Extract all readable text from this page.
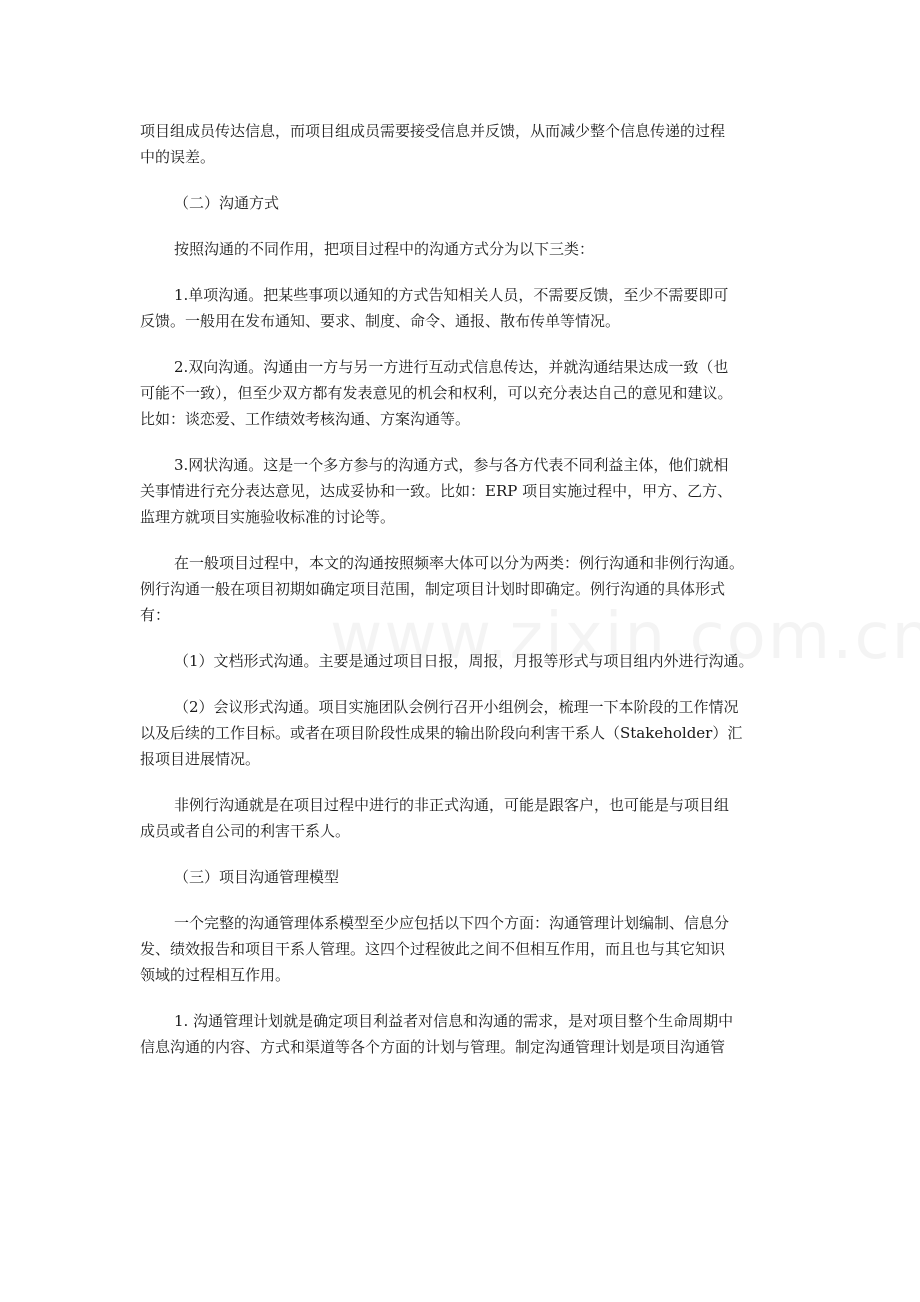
项目组成员传达信息，而项目组成员需要接受信息并反馈，从而减少整个信息传递的过程
中的误差。
（二）沟通方式
按照沟通的不同作用，把项目过程中的沟通方式分为以下三类：
1.单项沟通。把某些事项以通知的方式告知相关人员，不需要反馈，至少不需要即可
反馈。一般用在发布通知、要求、制度、命令、通报、散布传单等情况。
2.双向沟通。沟通由一方与另一方进行互动式信息传达，并就沟通结果达成一致（也
可能不一致），但至少双方都有发表意见的机会和权利，可以充分表达自己的意见和建议。
比如：谈恋爱、工作绩效考核沟通、方案沟通等。
3.网状沟通。这是一个多方参与的沟通方式，参与各方代表不同利益主体，他们就相
关事情进行充分表达意见，达成妥协和一致。比如：ERP 项目实施过程中，甲方、乙方、
监理方就项目实施验收标准的讨论等。
在一般项目过程中，本文的沟通按照频率大体可以分为两类：例行沟通和非例行沟通。
例行沟通一般在项目初期如确定项目范围，制定项目计划时即确定。例行沟通的具体形式
有：
（1）文档形式沟通。主要是通过项目日报，周报，月报等形式与项目组内外进行沟通。
（2）会议形式沟通。项目实施团队会例行召开小组例会，梳理一下本阶段的工作情况
以及后续的工作目标。或者在项目阶段性成果的输出阶段向利害干系人（Stakeholder）汇
报项目进展情况。
非例行沟通就是在项目过程中进行的非正式沟通，可能是跟客户，也可能是与项目组
成员或者自公司的利害干系人。
（三）项目沟通管理模型
一个完整的沟通管理体系模型至少应包括以下四个方面：沟通管理计划编制、信息分
发、绩效报告和项目干系人管理。这四个过程彼此之间不但相互作用，而且也与其它知识
领域的过程相互作用。
1. 沟通管理计划就是确定项目利益者对信息和沟通的需求，是对项目整个生命周期中
信息沟通的内容、方式和渠道等各个方面的计划与管理。制定沟通管理计划是项目沟通管
